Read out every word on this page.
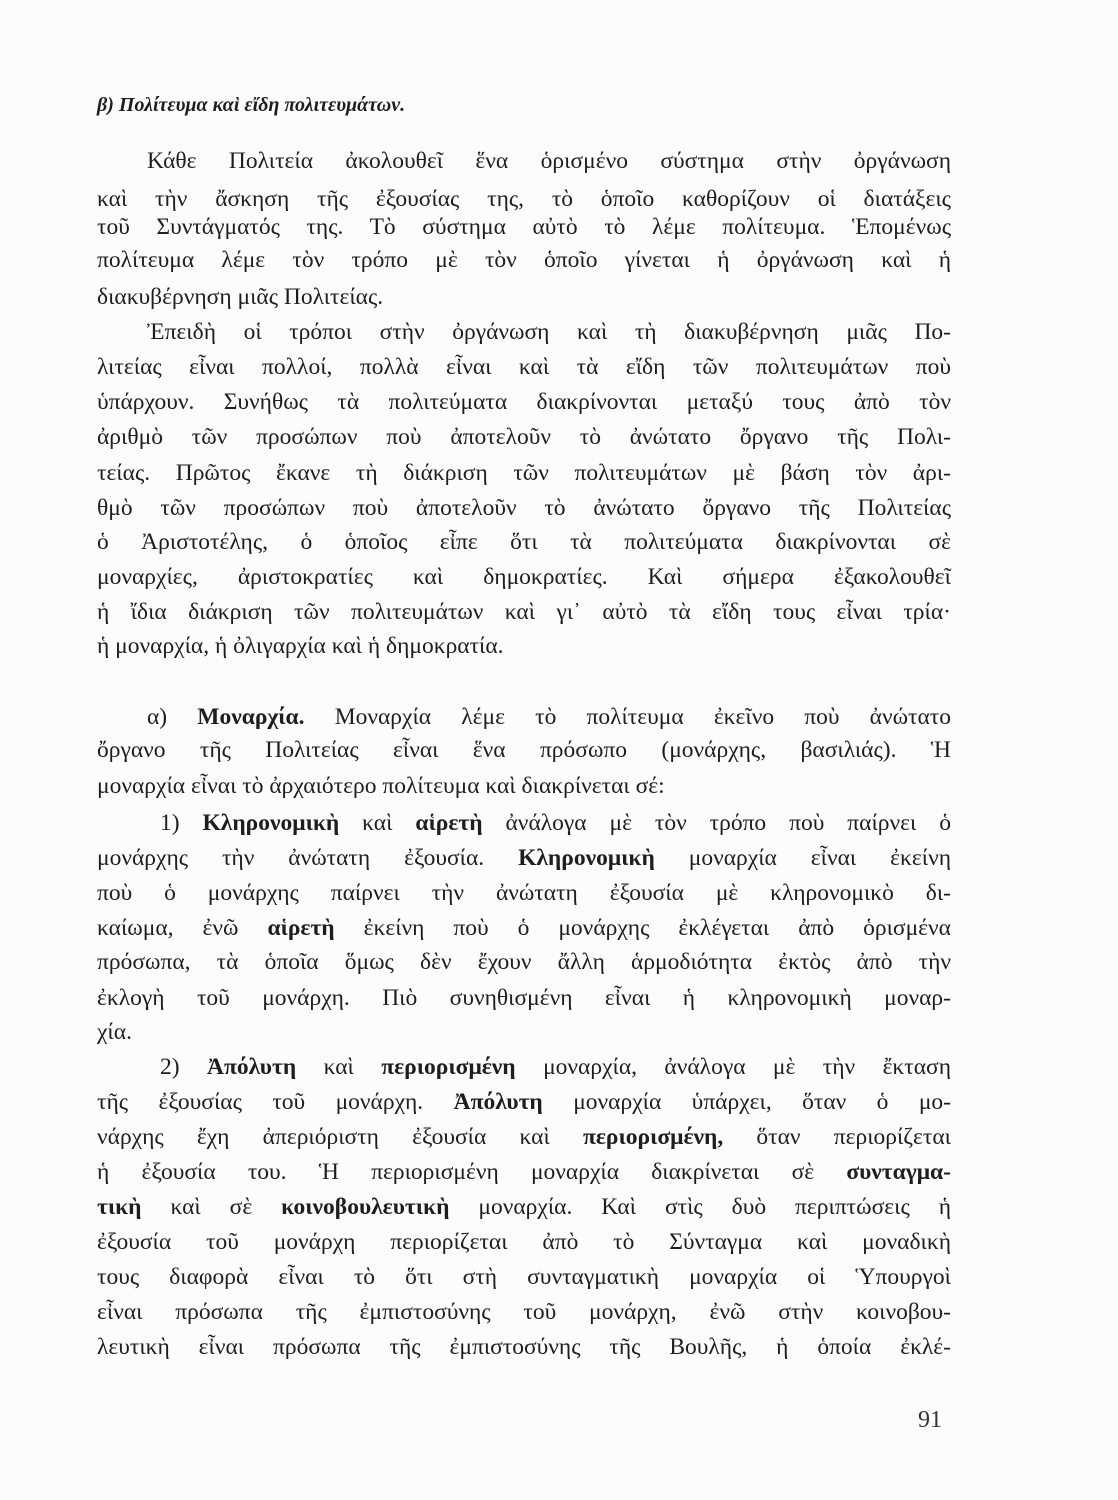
β) Πολίτευμα καὶ εἴδη πολιτευμάτων.

Κάθε Πολιτεία ἀκολουθεῖ ἕνα ὁρισμένο σύστημα στὴν ὀργάνωση

καὶ τὴν ἄσκηση τῆς ἐξουσίας της, τὸ ὁποῖο καθορίζουν οἱ διατάξεις

τοῦ Συντάγματός της. Τὸ σύστημα αὐτὸ τὸ λέμε πολίτευμα. Ἑπομένως

πολίτευμα λέμε τὸν τρόπο μὲ τὸν ὁποῖο γίνεται ἡ ὀργάνωση καὶ ἡ

διακυβέρνηση μιᾶς Πολιτείας.

Ἐπειδὴ οἱ τρόποι στὴν ὀργάνωση καὶ τὴ διακυβέρνηση μιᾶς Πο-

λιτείας εἶναι πολλοί, πολλὰ εἶναι καὶ τὰ εἴδη τῶν πολιτευμάτων ποὺ

ὑπάρχουν. Συνήθως τὰ πολιτεύματα διακρίνονται μεταξύ τους ἀπὸ τὸν

ἀριθμὸ τῶν προσώπων ποὺ ἀποτελοῦν τὸ ἀνώτατο ὄργανο τῆς Πολι-

τείας. Πρῶτος ἔκανε τὴ διάκριση τῶν πολιτευμάτων μὲ βάση τὸν ἀρι-

θμὸ τῶν προσώπων ποὺ ἀποτελοῦν τὸ ἀνώτατο ὄργανο τῆς Πολιτείας

ὁ Ἀριστοτέλης, ὁ ὁποῖος εἶπε ὅτι τὰ πολιτεύματα διακρίνονται σὲ

μοναρχίες, ἀριστοκρατίες καὶ δημοκρατίες. Καὶ σήμερα ἐξακολουθεῖ

ἡ ἴδια διάκριση τῶν πολιτευμάτων καὶ γι᾽ αὐτὸ τὰ εἴδη τους εἶναι τρία·

ἡ μοναρχία, ἡ ὀλιγαρχία καὶ ἡ δημοκρατία.

α) Μοναρχία. Μοναρχία λέμε τὸ πολίτευμα ἐκεῖνο ποὺ ἀνώτατο

ὄργανο τῆς Πολιτείας εἶναι ἕνα πρόσωπο (μονάρχης, βασιλιάς). Ἡ

μοναρχία εἶναι τὸ ἀρχαιότερο πολίτευμα καὶ διακρίνεται σέ:

1) Κληρονομικὴ καὶ αἱρετὴ ἀνάλογα μὲ τὸν τρόπο ποὺ παίρνει ὁ

μονάρχης τὴν ἀνώτατη ἐξουσία. Κληρονομικὴ μοναρχία εἶναι ἐκείνη

ποὺ ὁ μονάρχης παίρνει τὴν ἀνώτατη ἐξουσία μὲ κληρονομικὸ δι-

καίωμα, ἐνῶ αἱρετὴ ἐκείνη ποὺ ὁ μονάρχης ἐκλέγεται ἀπὸ ὁρισμένα

πρόσωπα, τὰ ὁποῖα ὅμως δὲν ἔχουν ἄλλη ἁρμοδιότητα ἐκτὸς ἀπὸ τὴν

ἐκλογὴ τοῦ μονάρχη. Πιὸ συνηθισμένη εἶναι ἡ κληρονομικὴ μοναρ-

χία.

2) Ἀπόλυτη καὶ περιορισμένη μοναρχία, ἀνάλογα μὲ τὴν ἔκταση

τῆς ἐξουσίας τοῦ μονάρχη. Ἀπόλυτη μοναρχία ὑπάρχει, ὅταν ὁ μο-

νάρχης ἔχη ἀπεριόριστη ἐξουσία καὶ περιορισμένη, ὅταν περιορίζεται

ἡ ἐξουσία του. Ἡ περιορισμένη μοναρχία διακρίνεται σὲ συνταγμα-

τικὴ καὶ σὲ κοινοβουλευτικὴ μοναρχία. Καὶ στὶς δυὸ περιπτώσεις ἡ

ἐξουσία τοῦ μονάρχη περιορίζεται ἀπὸ τὸ Σύνταγμα καὶ μοναδικὴ

τους διαφορὰ εἶναι τὸ ὅτι στὴ συνταγματικὴ μοναρχία οἱ Ὑπουργοὶ

εἶναι πρόσωπα τῆς ἐμπιστοσύνης τοῦ μονάρχη, ἐνῶ στὴν κοινοβου-

λευτικὴ εἶναι πρόσωπα τῆς ἐμπιστοσύνης τῆς Βουλῆς, ἡ ὁποία ἐκλέ-

91
